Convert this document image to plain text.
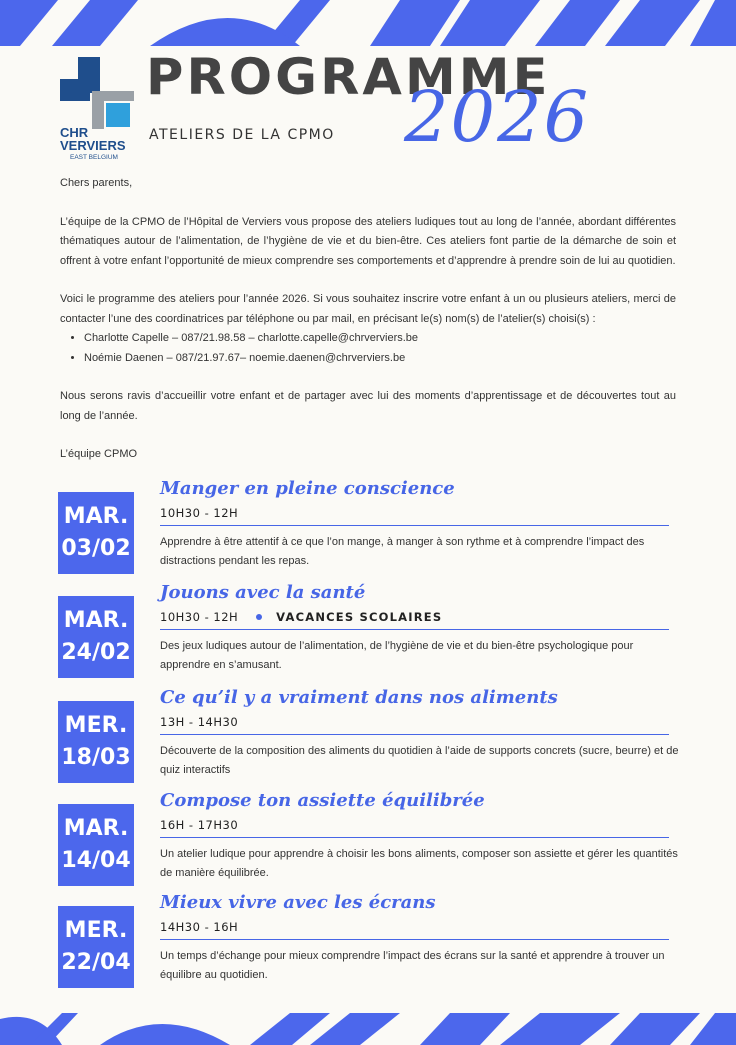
CHR
VERVIERS
EAST BELGIUM
PROGRAMME
ATELIERS DE LA CPMO 2026

Chers parents,

L’équipe de la CPMO de l’Hôpital de Verviers vous propose des ateliers ludiques tout au long de l’année, abordant différentes thématiques autour de l’alimentation, de l’hygiène de vie et du bien-être. Ces ateliers font partie de la démarche de soin et offrent à votre enfant l’opportunité de mieux comprendre ses comportements et d’apprendre à prendre soin de lui au quotidien.

Voici le programme des ateliers pour l’année 2026. Si vous souhaitez inscrire votre enfant à un ou plusieurs ateliers, merci de contacter l’une des coordinatrices par téléphone ou par mail, en précisant le(s) nom(s) de l’atelier(s) choisi(s) :

• Charlotte Capelle – 087/21.98.58 – charlotte.capelle@chrverviers.be
• Noémie Daenen – 087/21.97.67– noemie.daenen@chrverviers.be

Nous serons ravis d’accueillir votre enfant et de partager avec lui des moments d’apprentissage et de découvertes tout au long de l’année.

L’équipe CPMO

MAR.
03/02
Manger en pleine conscience
10H30 - 12H
Apprendre à être attentif à ce que l’on mange, à manger à son rythme et à comprendre l’impact des distractions pendant les repas.
MAR.
24/02
Jouons avec la santé
10H30 - 12H	VACANCES SCOLAIRES
Des jeux ludiques autour de l’alimentation, de l’hygiène de vie et du bien-être psychologique pour apprendre en s’amusant.
MER.
18/03
Ce qu’il y a vraiment dans nos aliments
13H - 14H30
Découverte de la composition des aliments du quotidien à l’aide de supports concrets (sucre, beurre) et de quiz interactifs
MAR.
14/04
Compose ton assiette équilibrée
16H - 17H30
Un atelier ludique pour apprendre à choisir les bons aliments, composer son assiette et gérer les quantités de manière équilibrée.
MER.
22/04
Mieux vivre avec les écrans
14H30 - 16H
Un temps d’échange pour mieux comprendre l’impact des écrans sur la santé et apprendre à trouver un équilibre au quotidien.
